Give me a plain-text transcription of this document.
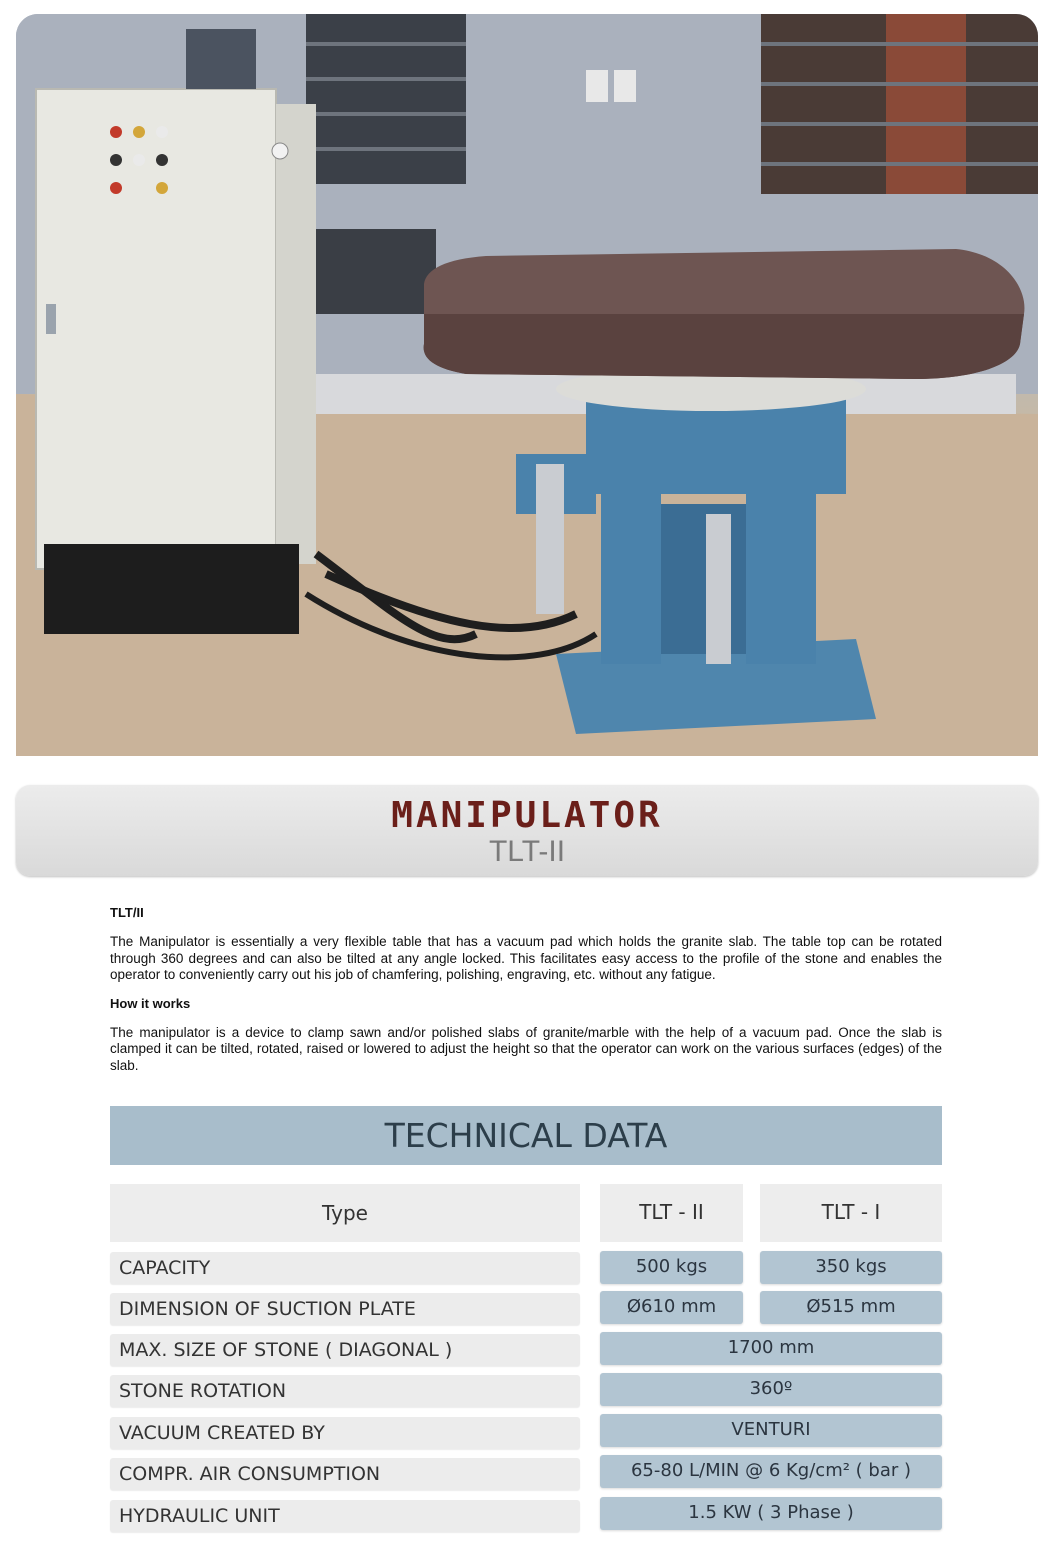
MANIPULATOR
TLT-II
TLT/II

The Manipulator is essentially a very flexible table that has a vacuum pad which holds the granite slab. The table top can be rotated through 360 degrees and can also be tilted at any angle locked. This facilitates easy access to the profile of the stone and enables the operator to conveniently carry out his job of chamfering, polishing, engraving, etc. without any fatigue.

How it works

The manipulator is a device to clamp sawn and/or polished slabs of granite/marble with the help of a vacuum pad. Once the slab is clamped it can be tilted, rotated, raised or lowered to adjust the height so that the operator can work on the various surfaces (edges) of the slab.

TECHNICAL DATA
Type	TLT - II	TLT - I
CAPACITY	500 kgs	350 kgs
DIMENSION OF SUCTION PLATE	Ø610 mm	Ø515 mm
MAX. SIZE OF STONE ( DIAGONAL )	1700 mm
STONE ROTATION	360º
VACUUM CREATED BY	VENTURI
COMPR. AIR CONSUMPTION	65-80 L/MIN @ 6 Kg/cm² ( bar )
HYDRAULIC UNIT	1.5 KW ( 3 Phase )
